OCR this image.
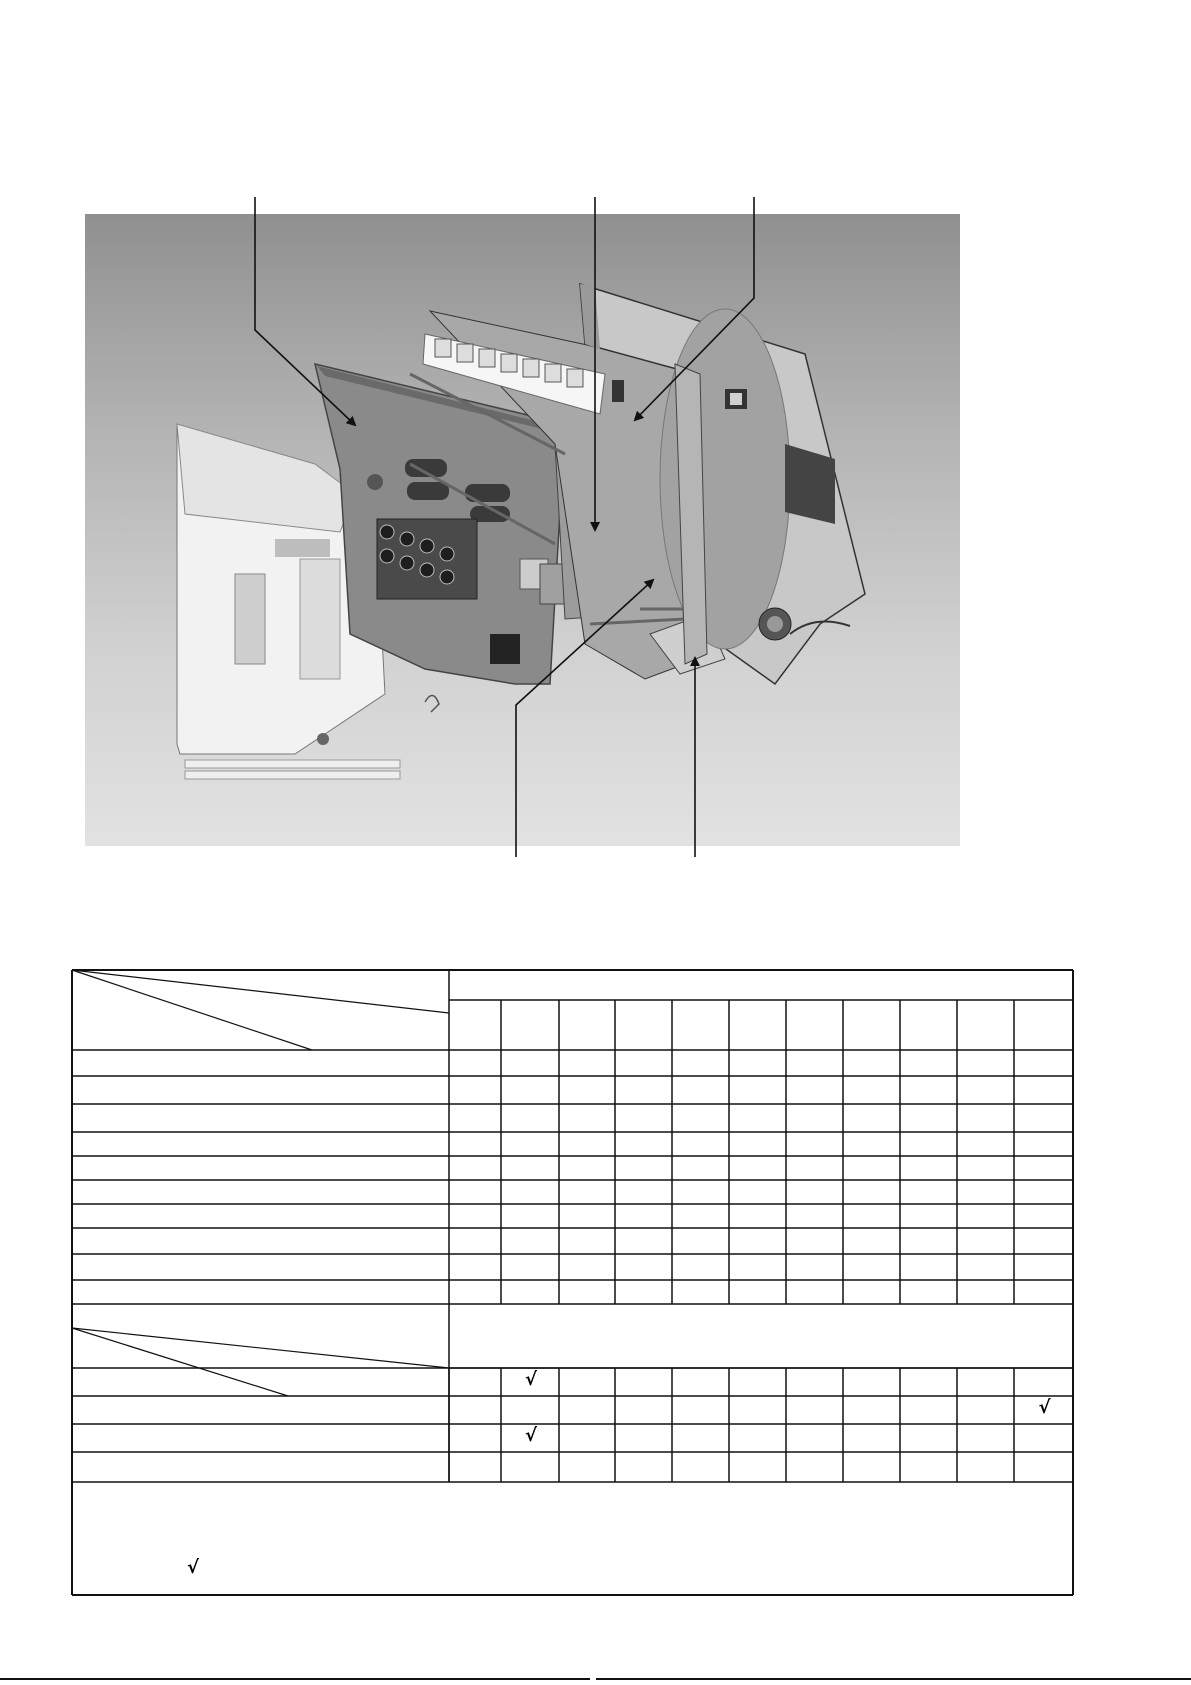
√
√
√
√
